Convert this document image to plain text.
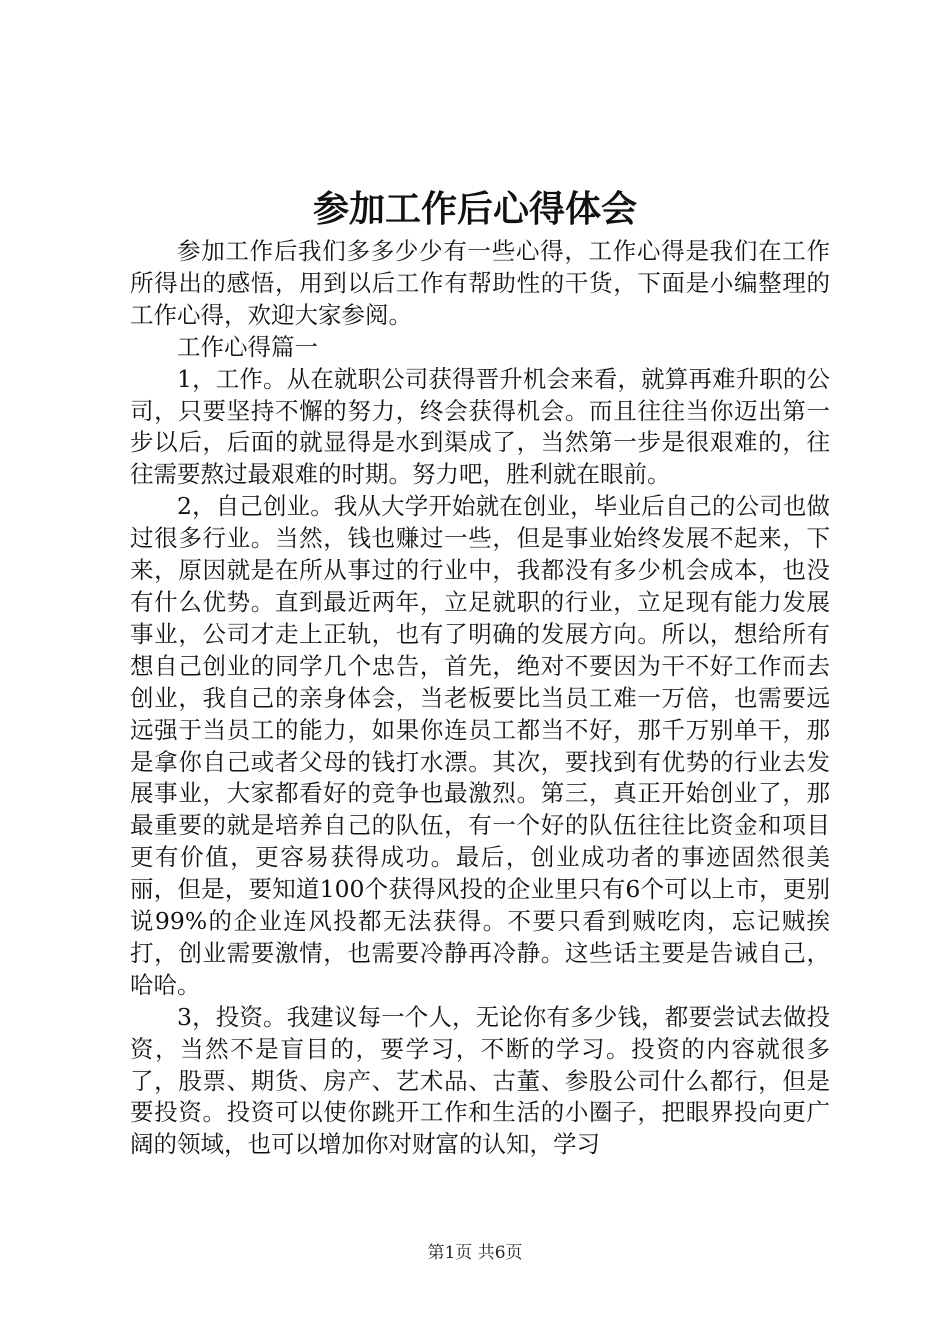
参加工作后心得体会

参加工作后我们多多少少有一些心得，工作心得是我们在工作所得出的感悟，用到以后工作有帮助性的干货，下面是小编整理的工作心得，欢迎大家参阅。

工作心得篇一

1，工作。从在就职公司获得晋升机会来看，就算再难升职的公司，只要坚持不懈的努力，终会获得机会。而且往往当你迈出第一步以后，后面的就显得是水到渠成了，当然第一步是很艰难的，往往需要熬过最艰难的时期。努力吧，胜利就在眼前。

2，自己创业。我从大学开始就在创业，毕业后自己的公司也做过很多行业。当然，钱也赚过一些，但是事业始终发展不起来，下来，原因就是在所从事过的行业中，我都没有多少机会成本，也没有什么优势。直到最近两年，立足就职的行业，立足现有能力发展事业，公司才走上正轨，也有了明确的发展方向。所以，想给所有想自己创业的同学几个忠告，首先，绝对不要因为干不好工作而去创业，我自己的亲身体会，当老板要比当员工难一万倍，也需要远远强于当员工的能力，如果你连员工都当不好，那千万别单干，那是拿你自己或者父母的钱打水漂。其次，要找到有优势的行业去发展事业，大家都看好的竞争也最激烈。第三，真正开始创业了，那最重要的就是培养自己的队伍，有一个好的队伍往往比资金和项目更有价值，更容易获得成功。最后，创业成功者的事迹固然很美丽，但是，要知道100个获得风投的企业里只有6个可以上市，更别说99%的企业连风投都无法获得。不要只看到贼吃肉，忘记贼挨打，创业需要激情，也需要冷静再冷静。这些话主要是告诫自己，哈哈。

3，投资。我建议每一个人，无论你有多少钱，都要尝试去做投资，当然不是盲目的，要学习，不断的学习。投资的内容就很多了，股票、期货、房产、艺术品、古董、参股公司什么都行，但是要投资。投资可以使你跳开工作和生活的小圈子，把眼界投向更广阔的领域，也可以增加你对财富的认知，学习

第1页 共6页
